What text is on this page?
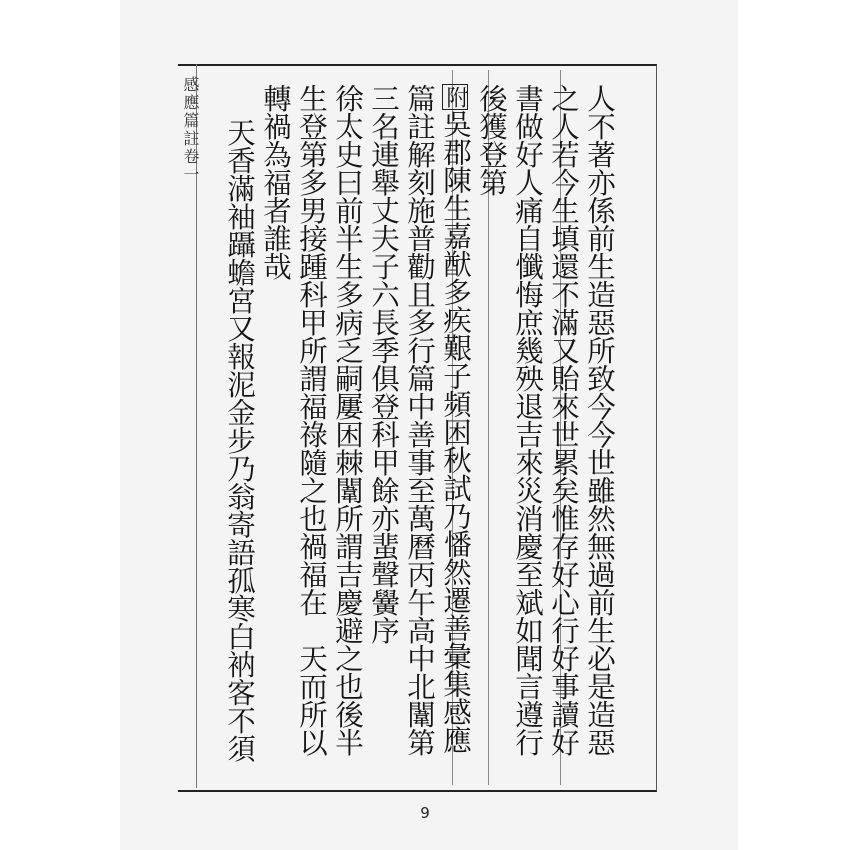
感應篇註卷一	人不著亦係前生造惡所致今今世雖然無過前生必是造惡
之人若今生填還不滿又貽來世累矣惟存好心行好事讀好
書做好人痛自懺悔庶幾殃退吉來災消慶至斌如聞言遵行
後獲登第
附吳郡陳生嘉猷多疾艱子頻困秋試乃憣然遷善彙集感應
篇註解刻施普勸且多行篇中善事至萬曆丙午高中北闈第
三名連舉丈夫子六長季俱登科甲餘亦蜚聲黌序
徐太史曰前半生多病乏嗣屢困棘闈所謂吉慶避之也後半
生登第多男接踵科甲所謂福祿隨之也禍福在　天而所以
轉禍為福者誰哉
天香滿袖躡蟾宮又報泥金步乃翁寄語孤寒白衲客不須
9
